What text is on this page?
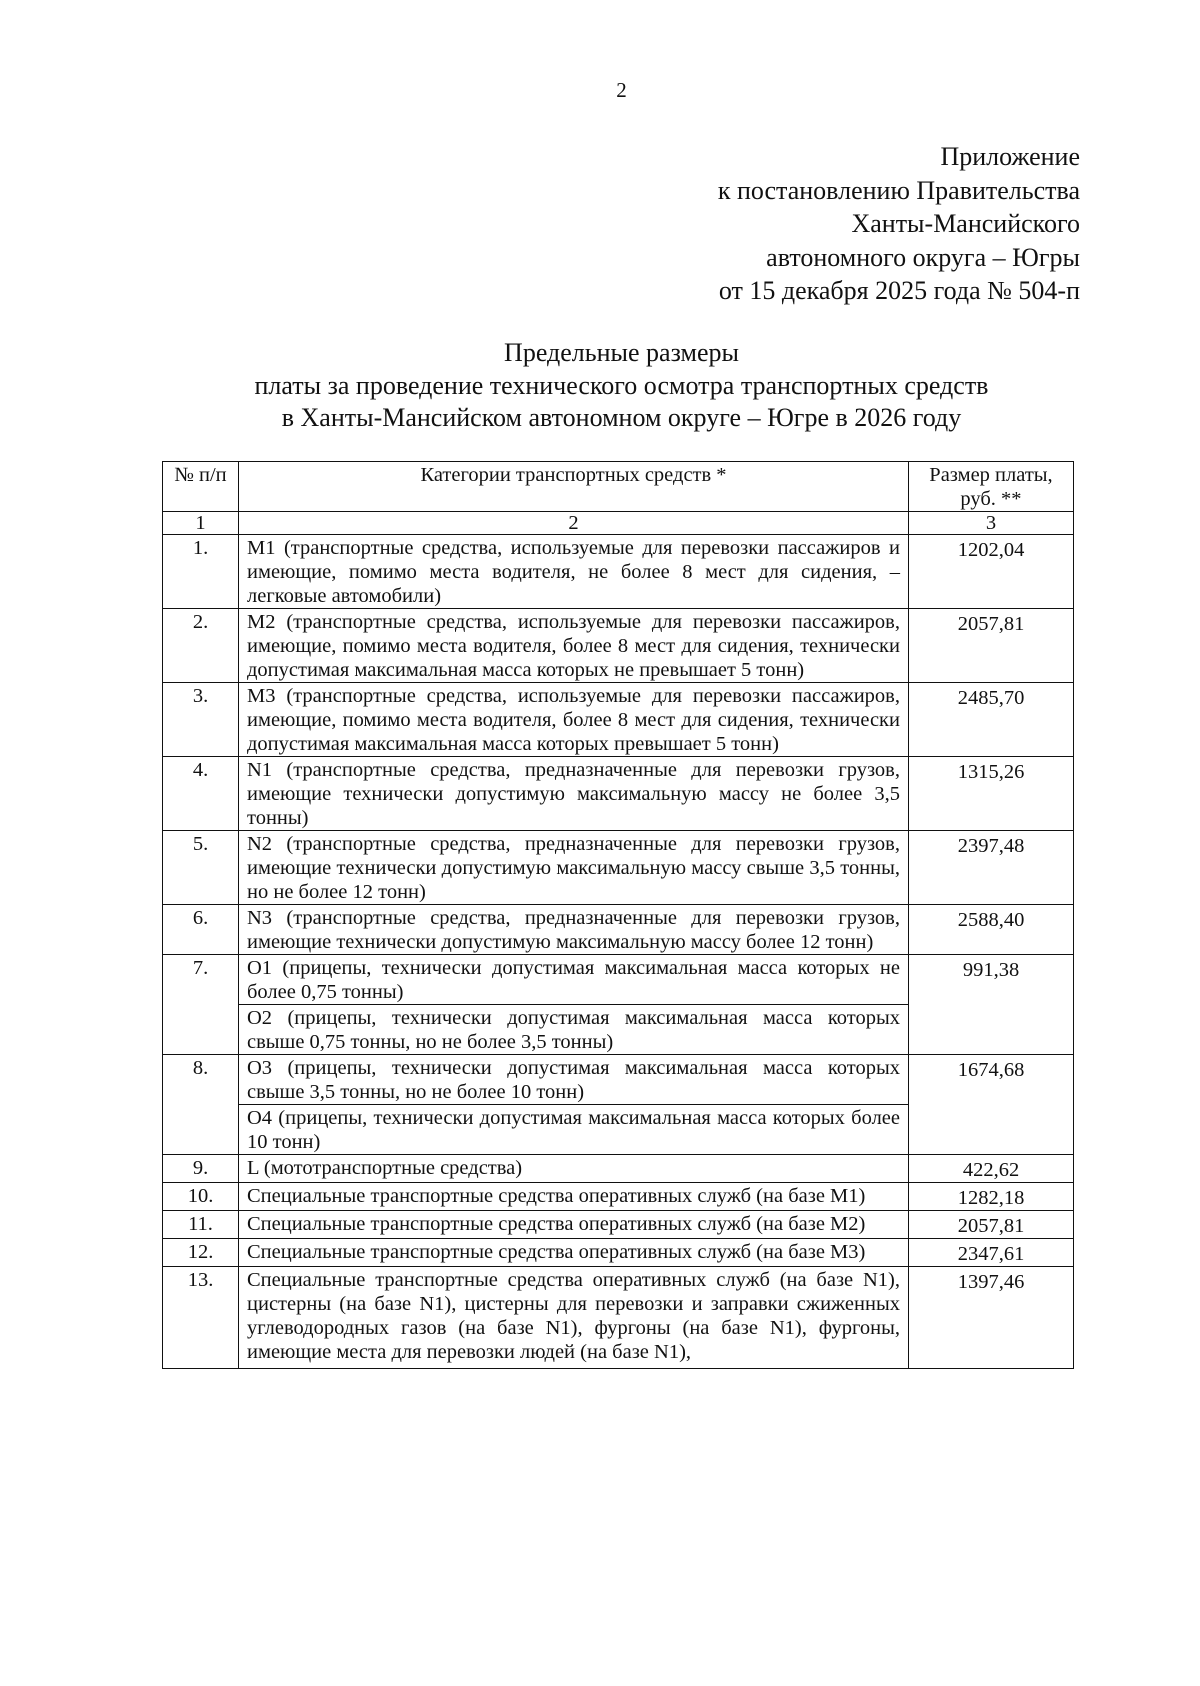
2
Приложение
к постановлению Правительства
Ханты-Мансийского
автономного округа – Югры
от 15 декабря 2025 года № 504-п
Предельные размеры
платы за проведение технического осмотра транспортных средств
в Ханты-Мансийском автономном округе – Югре в 2026 году
№ п/п	Категории транспортных средств *	Размер платы, руб. **
1	2	3
1.	M1 (транспортные средства, используемые для перевозки пассажиров и имеющие, помимо места водителя, не более 8 мест для сидения, – легковые автомобили)	1202,04
2.	M2 (транспортные средства, используемые для перевозки пассажиров, имеющие, помимо места водителя, более 8 мест для сидения, технически допустимая максимальная масса которых не превышает 5 тонн)	2057,81
3.	M3 (транспортные средства, используемые для перевозки пассажиров, имеющие, помимо места водителя, более 8 мест для сидения, технически допустимая максимальная масса которых превышает 5 тонн)	2485,70
4.	N1 (транспортные средства, предназначенные для перевозки грузов, имеющие технически допустимую максимальную массу не более 3,5 тонны)	1315,26
5.	N2 (транспортные средства, предназначенные для перевозки грузов, имеющие технически допустимую максимальную массу свыше 3,5 тонны, но не более 12 тонн)	2397,48
6.	N3 (транспортные средства, предназначенные для перевозки грузов, имеющие технически допустимую максимальную массу более 12 тонн)	2588,40
7.	O1 (прицепы, технически допустимая максимальная масса которых не более 0,75 тонны)	991,38
	O2 (прицепы, технически допустимая максимальная масса которых свыше 0,75 тонны, но не более 3,5 тонны)	
8.	O3 (прицепы, технически допустимая максимальная масса которых свыше 3,5 тонны, но не более 10 тонн)	1674,68
	O4 (прицепы, технически допустимая максимальная масса которых более 10 тонн)	
9.	L (мототранспортные средства)	422,62
10.	Специальные транспортные средства оперативных служб (на базе M1)	1282,18
11.	Специальные транспортные средства оперативных служб (на базе M2)	2057,81
12.	Специальные транспортные средства оперативных служб (на базе M3)	2347,61
13.	Специальные транспортные средства оперативных служб (на базе N1), цистерны (на базе N1), цистерны для перевозки и заправки сжиженных углеводородных газов (на базе N1), фургоны (на базе N1), фургоны, имеющие места для перевозки людей (на базе N1),	1397,46
